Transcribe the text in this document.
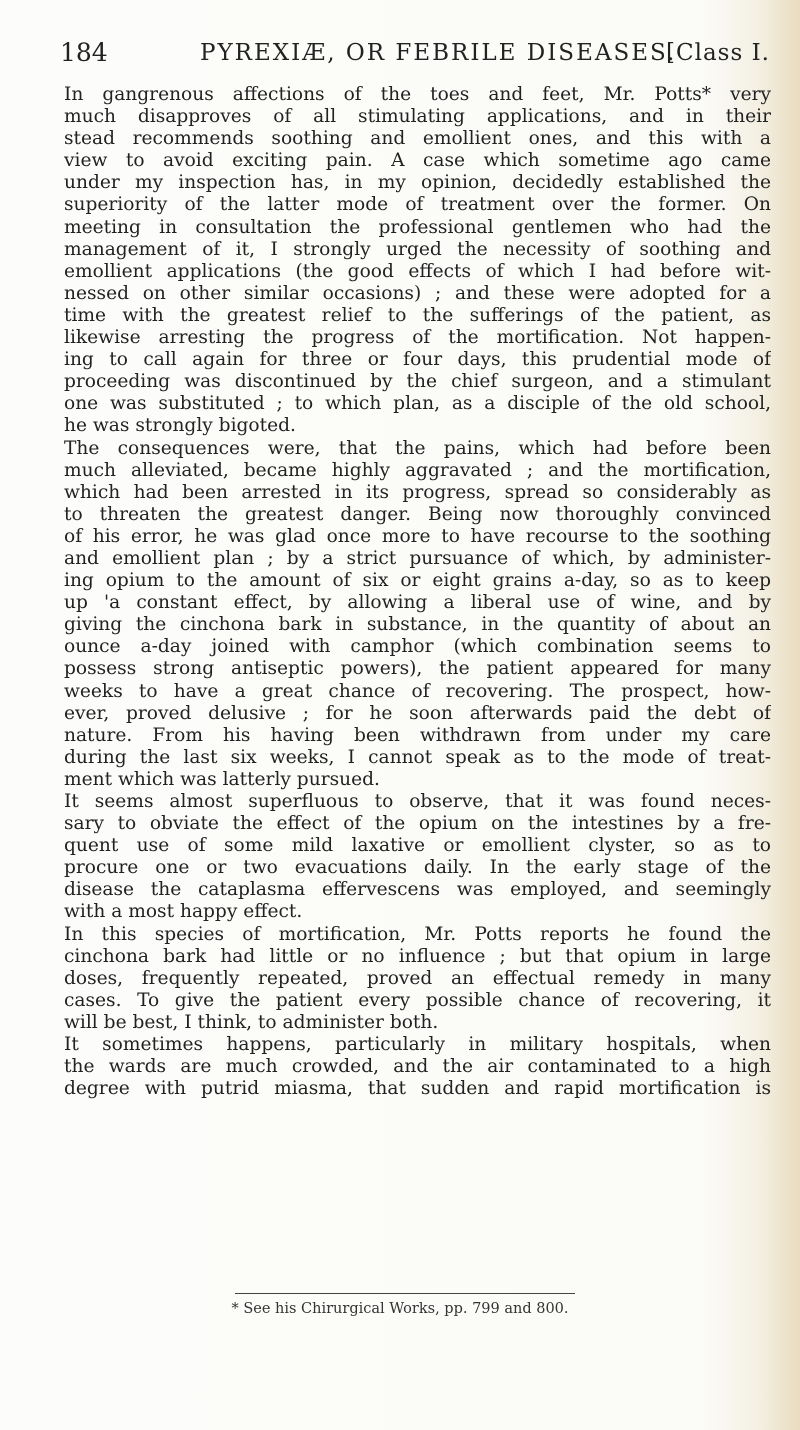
184	PYREXIÆ, OR FEBRILE DISEASES.
[Class I.
In gangrenous affections of the toes and feet, Mr. Potts* very
much disapproves of all stimulating applications, and in their
stead recommends soothing and emollient ones, and this with a
view to avoid exciting pain. A case which sometime ago came
under my inspection has, in my opinion, decidedly established the
superiority of the latter mode of treatment over the former. On
meeting in consultation the professional gentlemen who had the
management of it, I strongly urged the necessity of soothing and
emollient applications (the good effects of which I had before wit-
nessed on other similar occasions) ; and these were adopted for a
time with the greatest relief to the sufferings of the patient, as
likewise arresting the progress of the mortification. Not happen-
ing to call again for three or four days, this prudential mode of
proceeding was discontinued by the chief surgeon, and a stimulant
one was substituted ; to which plan, as a disciple of the old school,
he was strongly bigoted.
The consequences were, that the pains, which had before been
much alleviated, became highly aggravated ; and the mortification,
which had been arrested in its progress, spread so considerably as
to threaten the greatest danger. Being now thoroughly convinced
of his error, he was glad once more to have recourse to the soothing
and emollient plan ; by a strict pursuance of which, by administer-
ing opium to the amount of six or eight grains a-day, so as to keep
up 'a constant effect, by allowing a liberal use of wine, and by
giving the cinchona bark in substance, in the quantity of about an
ounce a-day joined with camphor (which combination seems to
possess strong antiseptic powers), the patient appeared for many
weeks to have a great chance of recovering. The prospect, how-
ever, proved delusive ; for he soon afterwards paid the debt of
nature. From his having been withdrawn from under my care
during the last six weeks, I cannot speak as to the mode of treat-
ment which was latterly pursued.
It seems almost superfluous to observe, that it was found neces-
sary to obviate the effect of the opium on the intestines by a fre-
quent use of some mild laxative or emollient clyster, so as to
procure one or two evacuations daily. In the early stage of the
disease the cataplasma effervescens was employed, and seemingly
with a most happy effect.
In this species of mortification, Mr. Potts reports he found the
cinchona bark had little or no influence ; but that opium in large
doses, frequently repeated, proved an effectual remedy in many
cases. To give the patient every possible chance of recovering, it
will be best, I think, to administer both.
It sometimes happens, particularly in military hospitals, when
the wards are much crowded, and the air contaminated to a high
degree with putrid miasma, that sudden and rapid mortification is
* See his Chirurgical Works, pp. 799 and 800.
